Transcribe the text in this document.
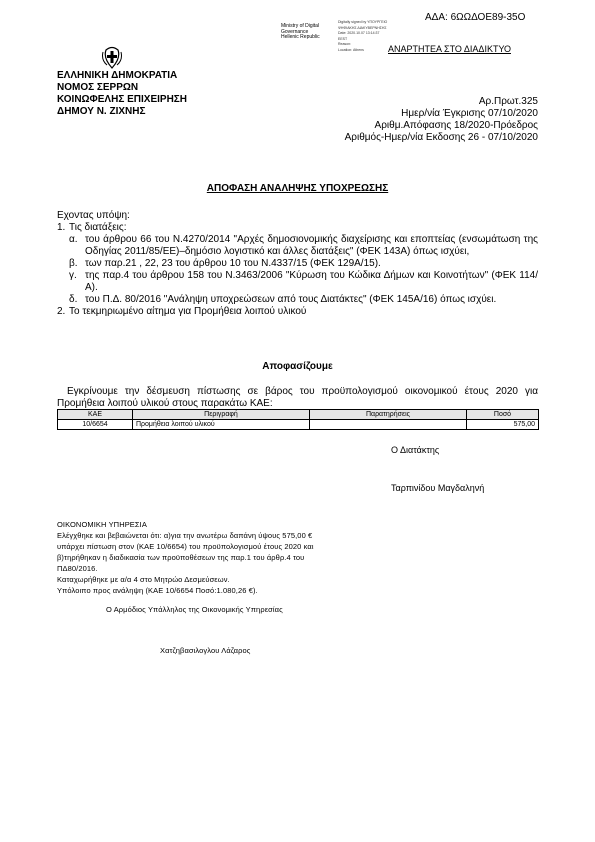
ΑΔΑ: 6ΩΩΔΟΕ89-35Ο
Ministry of Digital
Governance
Hellenic Republic
Digitally signed by ΥΠΟΥΡΓΕΙΟ
ΨΗΦΙΑΚΗΣ ΔΙΑΚΥΒΕΡΝΗΣΗΣ
Date: 2020.10.07 13:14:37
EEST
Reason:
Location: Athens	ΑΝΑΡΤΗΤΕΑ ΣΤΟ ΔΙΑΔΙΚΤΥΟ
ΕΛΛΗΝΙΚΗ ΔΗΜΟΚΡΑΤΙΑ
ΝΟΜΟΣ ΣΕΡΡΩΝ
ΚΟΙΝΩΦΕΛΗΣ ΕΠΙΧΕΙΡΗΣΗ
ΔΗΜΟΥ Ν. ΖΙΧΝΗΣ
Αρ.Πρωτ.325
Ημερ/νία Έγκρισης 07/10/2020
Αριθμ.Απόφασης 18/2020-Πρόεδρος
Αριθμός-Ημερ/νία Εκδοσης 26 - 07/10/2020
ΑΠΟΦΑΣΗ ΑΝΑΛΗΨΗΣ ΥΠΟΧΡΕΩΣΗΣ
Εχοντας υπόψη:
1. Τις διατάξεις:
α. του άρθρου 66 του Ν.4270/2014 "Αρχές δημοσιονομικής διαχείρισης και εποπτείας (ενσωμάτωση της Οδηγίας 2011/85/ΕΕ)–δημόσιο λογιστικό και άλλες διατάξεις" (ΦΕΚ 143Α) όπως ισχύει,
β. των παρ.21 , 22, 23 του άρθρου 10 του Ν.4337/15 (ΦΕΚ 129Α/15).
γ. της παρ.4 του άρθρου 158 του Ν.3463/2006 "Κύρωση του Κώδικα Δήμων και Κοινοτήτων" (ΦΕΚ 114/Α).
δ. του Π.Δ. 80/2016 "Ανάληψη υποχρεώσεων από τους Διατάκτες" (ΦΕΚ 145Α/16) όπως ισχύει.
2. Το τεκμηριωμένο αίτημα για Προμήθεια λοιπού υλικού
Αποφασίζουμε
Εγκρίνουμε την δέσμευση πίστωσης σε βάρος του προϋπολογισμού οικονομικού έτους 2020 για Προμήθεια λοιπού υλικού στους παρακάτω ΚΑΕ:
ΚΑΕ	Περιγραφή	Παρατηρήσεις	Ποσό
10/6654	Προμήθεια λοιπού υλικού		575,00
Ο Διατάκτης
Ταρπινίδου Μαγδαληνή
ΟΙΚΟΝΟΜΙΚΗ ΥΠΗΡΕΣΙΑ
Ελέγχθηκε και βεβαιώνεται ότι: α)για την ανωτέρω δαπάνη ύψους 575,00 €
υπάρχει πίστωση στον (ΚΑΕ 10/6654) του προϋπολογισμού έτους 2020 και
β)τηρήθηκαν η διαδικασία των προϋποθέσεων της παρ.1 του άρθρ.4 του
ΠΔ80/2016.
Καταχωρήθηκε με α/α 4 στο Μητρώο Δεσμεύσεων.
Υπόλοιπο προς ανάληψη (ΚΑΕ 10/6654 Ποσό:1.080,26 €).
Ο Αρμόδιος Υπάλληλος της Οικονομικής Υπηρεσίας
Χατζηβασιλογλου Λάζαρος
